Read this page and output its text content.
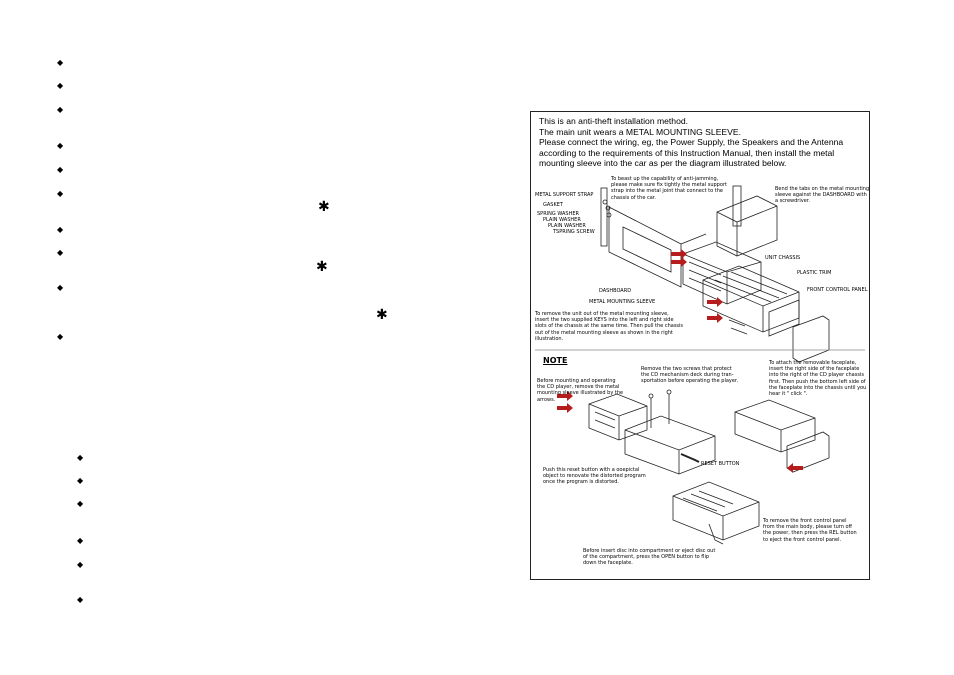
◆
◆
◆
◆
◆
◆
✱
◆
◆
✱
◆
✱
◆
◆
◆
◆
◆
◆
◆
This is an anti-theft installation method.
The main unit wears a METAL MOUNTING SLEEVE.
Please connect the wiring, eg, the Power Supply, the Speakers and the Antenna
according to the requirements of this Instruction Manual, then install the metal
mounting sleeve into the car as per the diagram illustrated below.
To beast up the capability of anti-jamming,
please make sure fix tightly the metal support
strap into the metal joint that connect to the
chassis of the car.
Bend the tabs on the metal mounting
sleeve against the DASHBOARD with
a screwdriver.
METAL SUPPORT STRAP
GASKET
SPRING WASHER
PLAIN WASHER
PLAIN WASHER
TSPRING SCREW
DASHBOARD
METAL MOUNTING SLEEVE
UNIT CHASSIS
PLASTIC TRIM
FRONT CONTROL PANEL
To remove the unit out of the metal mounting sleeve,
insert the two supplied KEYS into the left and right side
slots of the chassis at the same time. Then pull the chassis
out of the metal mounting sleeve as shown in the right
illustration.
NOTE
Before mounting and operating
the CD player, remove the metal
mounting sleeve illustrated by the
arrows.
Remove the two screws that protect
the CD mechanism deck during tran-
sportation before operating the player.
To attach the removable faceplate,
insert the right side of the faceplate
into the right of the CD player chassis
first. Then push the bottom left side of
the faceplate into the chassis until you
hear it " click ".
RESET BUTTON
Push this reset button with a ooepictal
object to renovate the distorted program
once the program is distorted.
To remove the front control panel
from the main body, please turn off
the power, then press the REL button
to eject the front control panel.
Before insert disc into compartment or eject disc out
of the compartment, press the OPEN button to flip
down the faceplate.
